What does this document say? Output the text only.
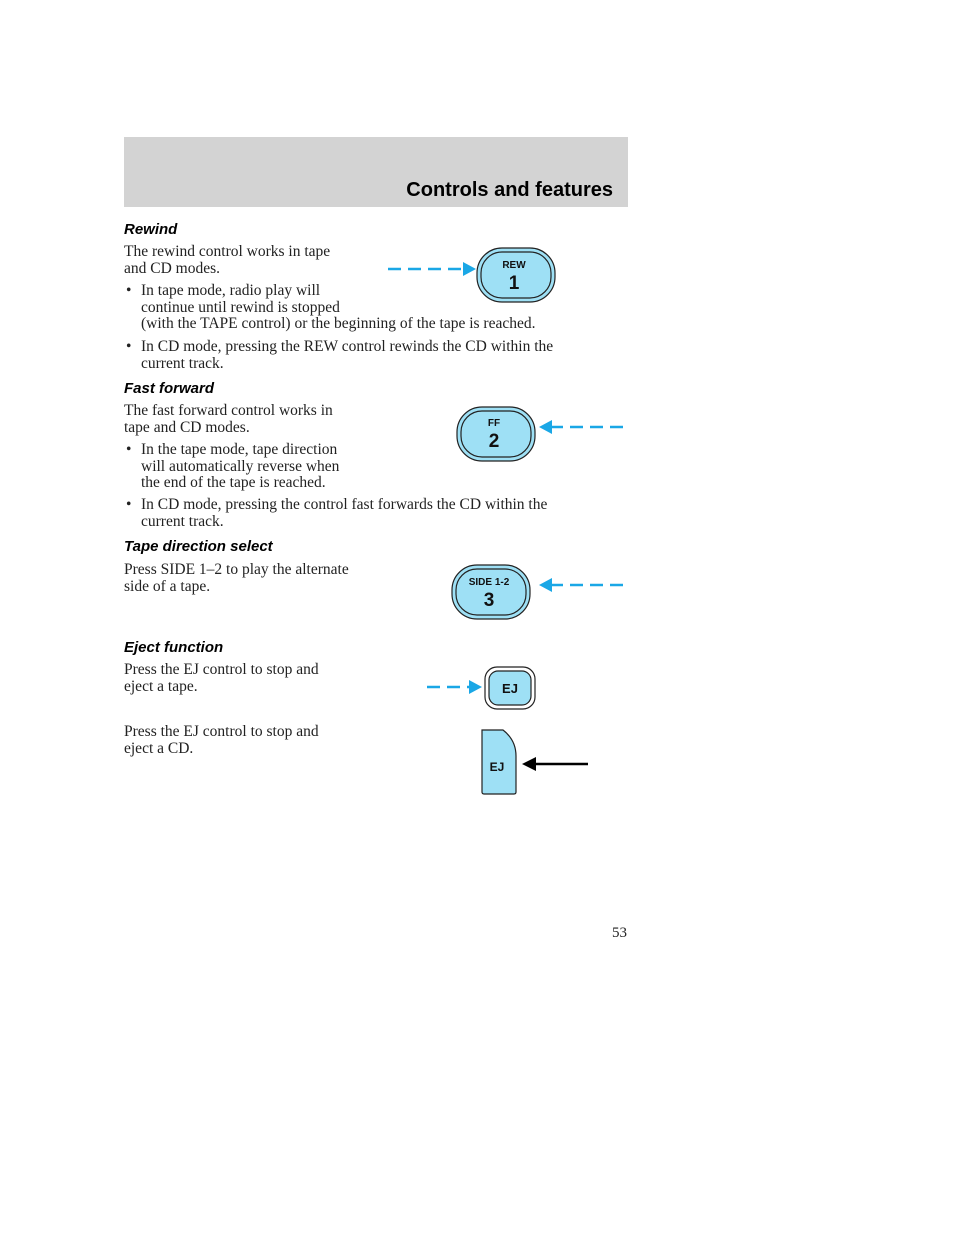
Controls and features
Rewind

The rewind control works in tape
and CD modes.

• In tape mode, radio play will
continue until rewind is stopped
(with the TAPE control) or the beginning of the tape is reached.

• In CD mode, pressing the REW control rewinds the CD within the
current track.

REW
1
Fast forward

The fast forward control works in
tape and CD modes.

• In the tape mode, tape direction
will automatically reverse when
the end of the tape is reached.

• In CD mode, pressing the control fast forwards the CD within the
current track.

FF
2
Tape direction select

Press SIDE 1–2 to play the alternate
side of a tape.	SIDE 1-2
3
Eject function

Press the EJ control to stop and
eject a tape.	EJ

Press the EJ control to stop and
eject a CD.

EJ
53
